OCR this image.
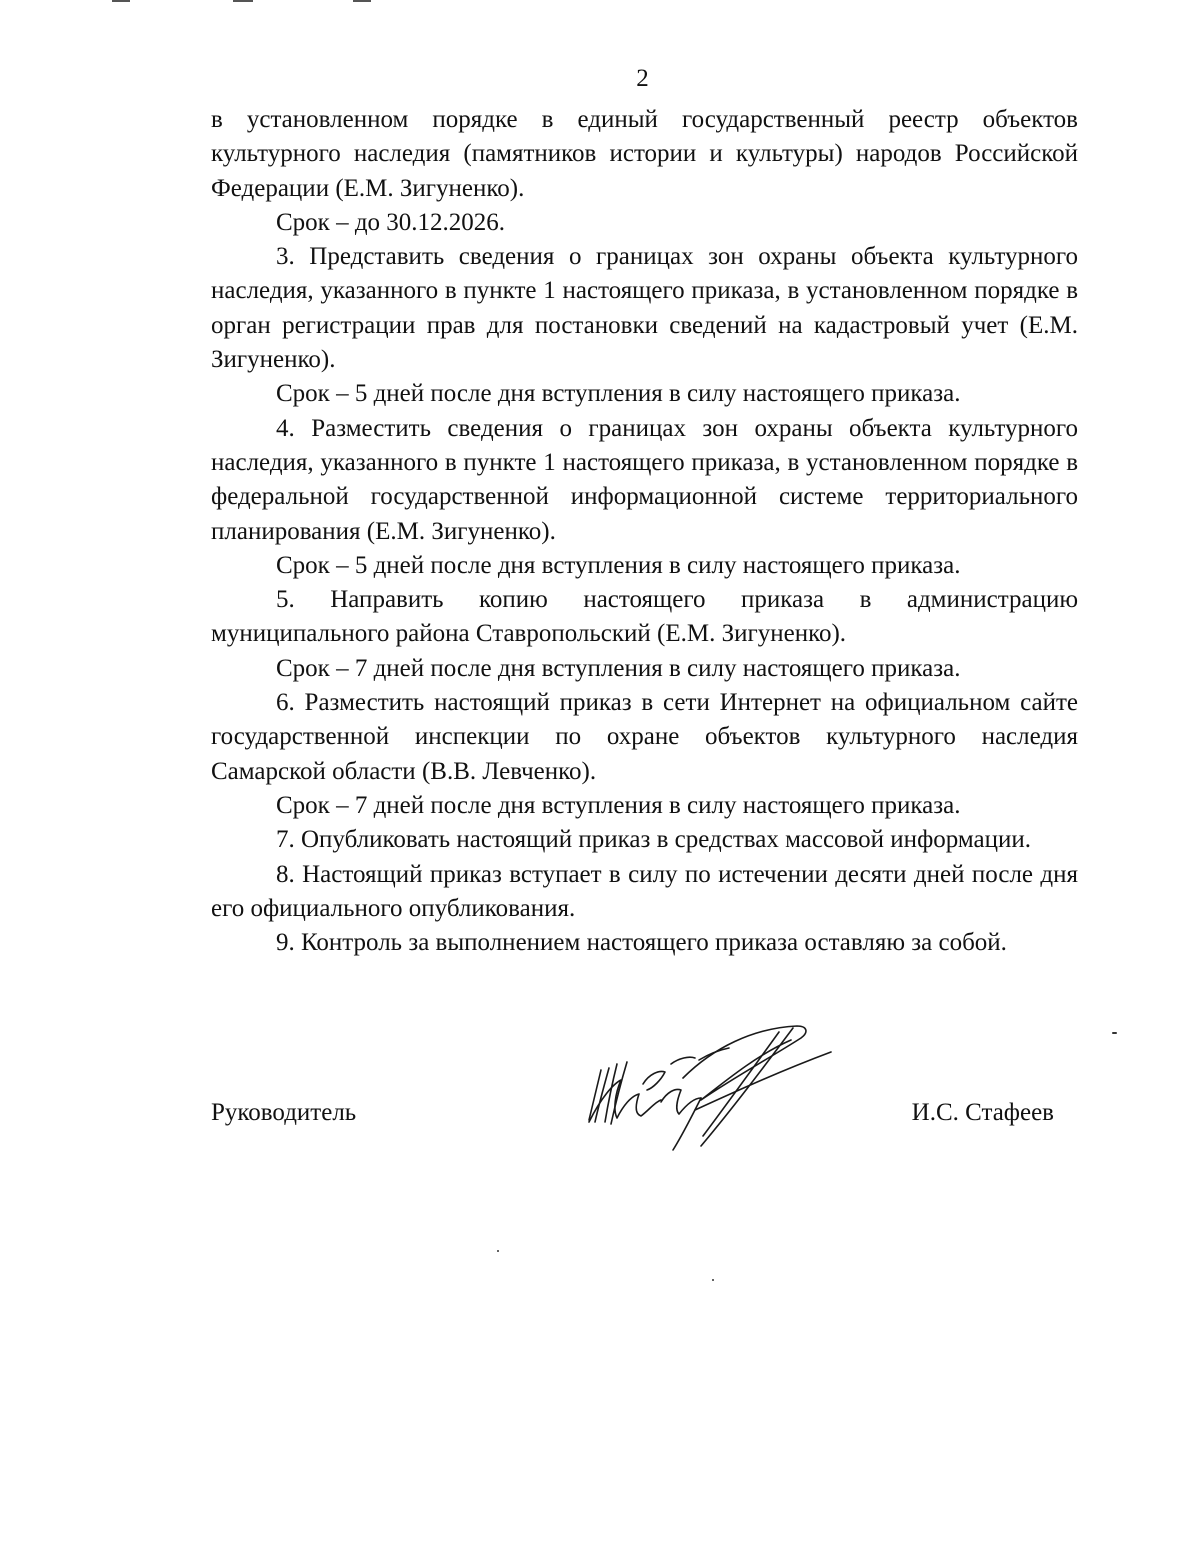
2

в установленном порядке в единый государственный реестр объектов культурного наследия (памятников истории и культуры) народов Российской Федерации (Е.М. Зигуненко).

Срок – до 30.12.2026.

3. Представить сведения о границах зон охраны объекта культурного наследия, указанного в пункте 1 настоящего приказа, в установленном порядке в орган регистрации прав для постановки сведений на кадастровый учет (Е.М. Зигуненко).

Срок – 5 дней после дня вступления в силу настоящего приказа.

4. Разместить сведения о границах зон охраны объекта культурного наследия, указанного в пункте 1 настоящего приказа, в установленном порядке в федеральной государственной информационной системе территориального планирования (Е.М. Зигуненко).

Срок – 5 дней после дня вступления в силу настоящего приказа.

5. Направить копию настоящего приказа в администрацию муниципального района Ставропольский (Е.М. Зигуненко).

Срок – 7 дней после дня вступления в силу настоящего приказа.

6. Разместить настоящий приказ в сети Интернет на официальном сайте государственной инспекции по охране объектов культурного наследия Самарской области (В.В. Левченко).

Срок – 7 дней после дня вступления в силу настоящего приказа.

7. Опубликовать настоящий приказ в средствах массовой информации.

8. Настоящий приказ вступает в силу по истечении десяти дней после дня его официального опубликования.

9. Контроль за выполнением настоящего приказа оставляю за собой.

Руководитель	И.С. Стафеев
